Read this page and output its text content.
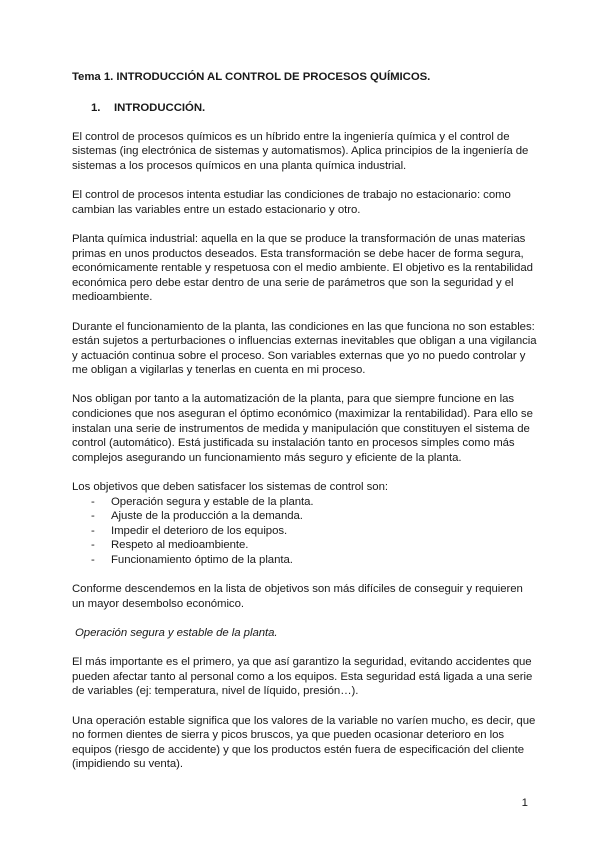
Tema 1. INTRODUCCIÓN AL CONTROL DE PROCESOS QUÍMICOS.

1. INTRODUCCIÓN.

El control de procesos químicos es un híbrido entre la ingeniería química y el control de sistemas (ing electrónica de sistemas y automatismos). Aplica principios de la ingeniería de sistemas a los procesos químicos en una planta química industrial.

El control de procesos intenta estudiar las condiciones de trabajo no estacionario: como cambian las variables entre un estado estacionario y otro.

Planta química industrial: aquella en la que se produce la transformación de unas materias primas en unos productos deseados. Esta transformación se debe hacer de forma segura, económicamente rentable y respetuosa con el medio ambiente. El objetivo es la rentabilidad económica pero debe estar dentro de una serie de parámetros que son la seguridad y el medioambiente.

Durante el funcionamiento de la planta, las condiciones en las que funciona no son estables: están sujetos a perturbaciones o influencias externas inevitables que obligan a una vigilancia y actuación continua sobre el proceso. Son variables externas que yo no puedo controlar y me obligan a vigilarlas y tenerlas en cuenta en mi proceso.

Nos obligan por tanto a la automatización de la planta, para que siempre funcione en las condiciones que nos aseguran el óptimo económico (maximizar la rentabilidad). Para ello se instalan una serie de instrumentos de medida y manipulación que constituyen el sistema de control (automático). Está justificada su instalación tanto en procesos simples como más complejos asegurando un funcionamiento más seguro y eficiente de la planta.

Los objetivos que deben satisfacer los sistemas de control son:

- Operación segura y estable de la planta.
- Ajuste de la producción a la demanda.
- Impedir el deterioro de los equipos.
- Respeto al medioambiente.
- Funcionamiento óptimo de la planta.

Conforme descendemos en la lista de objetivos son más difíciles de conseguir y requieren un mayor desembolso económico.

Operación segura y estable de la planta.

El más importante es el primero, ya que así garantizo la seguridad, evitando accidentes que pueden afectar tanto al personal como a los equipos. Esta seguridad está ligada a una serie de variables (ej: temperatura, nivel de líquido, presión…).

Una operación estable significa que los valores de la variable no varíen mucho, es decir, que no formen dientes de sierra y picos bruscos, ya que pueden ocasionar deterioro en los equipos (riesgo de accidente) y que los productos estén fuera de especificación del cliente (impidiendo su venta).

1
